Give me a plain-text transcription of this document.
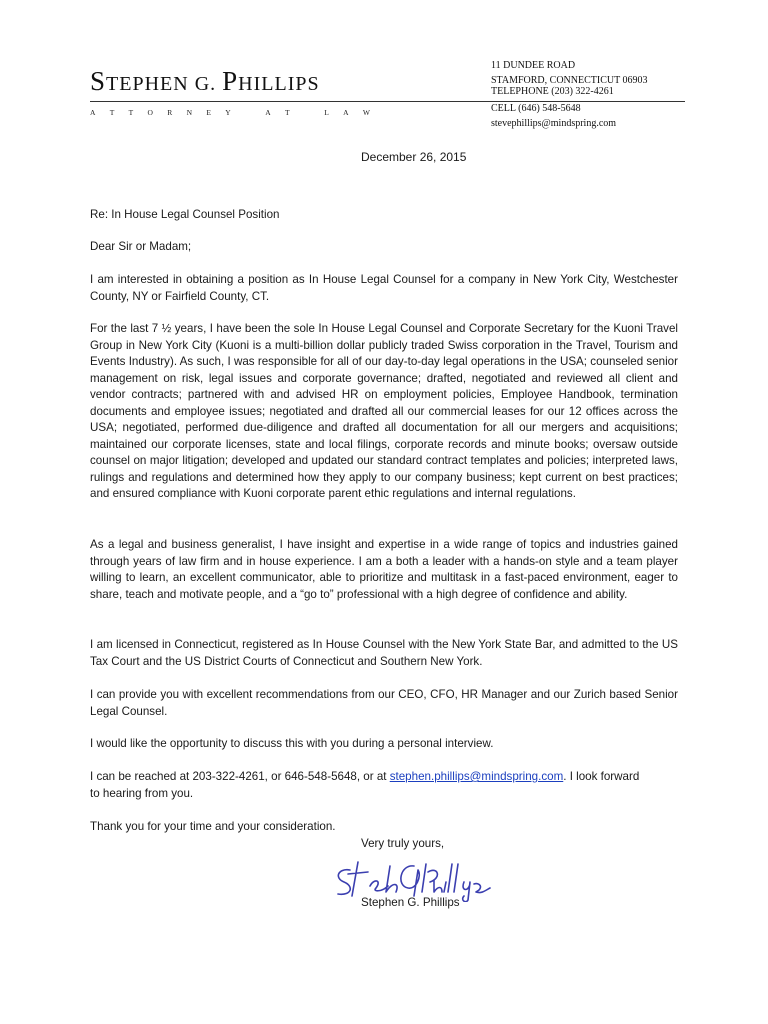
STEPHEN G. PHILLIPS
A T T O R N E Y	A T	L A W
11 DUNDEE ROAD
STAMFORD, CONNECTICUT 06903
TELEPHONE (203) 322-4261
CELL (646) 548-5648
stevephillips@mindspring.com
December 26, 2015
Re: In House Legal Counsel Position
Dear Sir or Madam;
I am interested in obtaining a position as In House Legal Counsel for a company in New York City, Westchester County, NY or Fairfield County, CT.
For the last 7 ½ years, I have been the sole In House Legal Counsel and Corporate Secretary for the Kuoni Travel Group in New York City (Kuoni is a multi-billion dollar publicly traded Swiss corporation in the Travel, Tourism and Events Industry). As such, I was responsible for all of our day-to-day legal operations in the USA; counseled senior management on risk, legal issues and corporate governance; drafted, negotiated and reviewed all client and vendor contracts; partnered with and advised HR on employment policies, Employee Handbook, termination documents and employee issues; negotiated and drafted all our commercial leases for our 12 offices across the USA; negotiated, performed due-diligence and drafted all documentation for all our mergers and acquisitions; maintained our corporate licenses, state and local filings, corporate records and minute books; oversaw outside counsel on major litigation; developed and updated our standard contract templates and policies; interpreted laws, rulings and regulations and determined how they apply to our company business; kept current on best practices; and ensured compliance with Kuoni corporate parent ethic regulations and internal regulations.
As a legal and business generalist, I have insight and expertise in a wide range of topics and industries gained through years of law firm and in house experience. I am a both a leader with a hands-on style and a team player willing to learn, an excellent communicator, able to prioritize and multitask in a fast-paced environment, eager to share, teach and motivate people, and a “go to” professional with a high degree of confidence and ability.
I am licensed in Connecticut, registered as In House Counsel with the New York State Bar, and admitted to the US Tax Court and the US District Courts of Connecticut and Southern New York.
I can provide you with excellent recommendations from our CEO, CFO, HR Manager and our Zurich based Senior Legal Counsel.
I would like the opportunity to discuss this with you during a personal interview.
I can be reached at 203-322-4261, or 646-548-5648, or at stephen.phillips@mindspring.com. I look forward
to hearing from you.
Thank you for your time and your consideration.
Very truly yours,
Stephen G. Phillips
Stephen G. Phillips
